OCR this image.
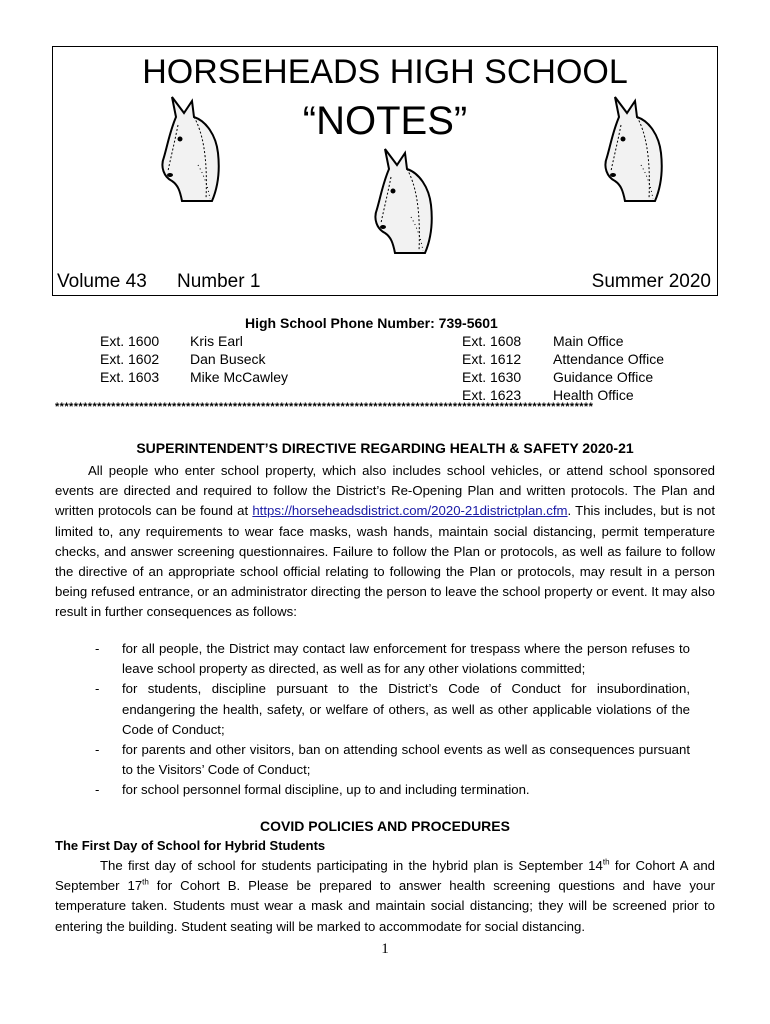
HORSEHEADS HIGH SCHOOL
“NOTES”
Volume 43 Number 1	Summer 2020
High School Phone Number: 739-5601
Ext. 1600 Kris Earl
Ext. 1602 Dan Buseck
Ext. 1603 Mike McCawley
Ext. 1608 Main Office
Ext. 1612 Attendance Office
Ext. 1630 Guidance Office
Ext. 1623 Health Office
*******************************************************************************************************************
SUPERINTENDENT’S DIRECTIVE REGARDING HEALTH & SAFETY 2020-21
All people who enter school property, which also includes school vehicles, or attend school sponsored events are directed and required to follow the District’s Re-Opening Plan and written protocols. The Plan and written protocols can be found at https://horseheadsdistrict.com/2020-21districtplan.cfm. This includes, but is not limited to, any requirements to wear face masks, wash hands, maintain social distancing, permit temperature checks, and answer screening questionnaires. Failure to follow the Plan or protocols, as well as failure to follow the directive of an appropriate school official relating to following the Plan or protocols, may result in a person being refused entrance, or an administrator directing the person to leave the school property or event. It may also result in further consequences as follows:
- for all people, the District may contact law enforcement for trespass where the person refuses to leave school property as directed, as well as for any other violations committed;
- for students, discipline pursuant to the District’s Code of Conduct for insubordination, endangering the health, safety, or welfare of others, as well as other applicable violations of the Code of Conduct;
- for parents and other visitors, ban on attending school events as well as consequences pursuant to the Visitors’ Code of Conduct;
- for school personnel formal discipline, up to and including termination.
COVID POLICIES AND PROCEDURES
The First Day of School for Hybrid Students
The first day of school for students participating in the hybrid plan is September 14th for Cohort A and September 17th for Cohort B. Please be prepared to answer health screening questions and have your temperature taken. Students must wear a mask and maintain social distancing; they will be screened prior to entering the building. Student seating will be marked to accommodate for social distancing.
1
